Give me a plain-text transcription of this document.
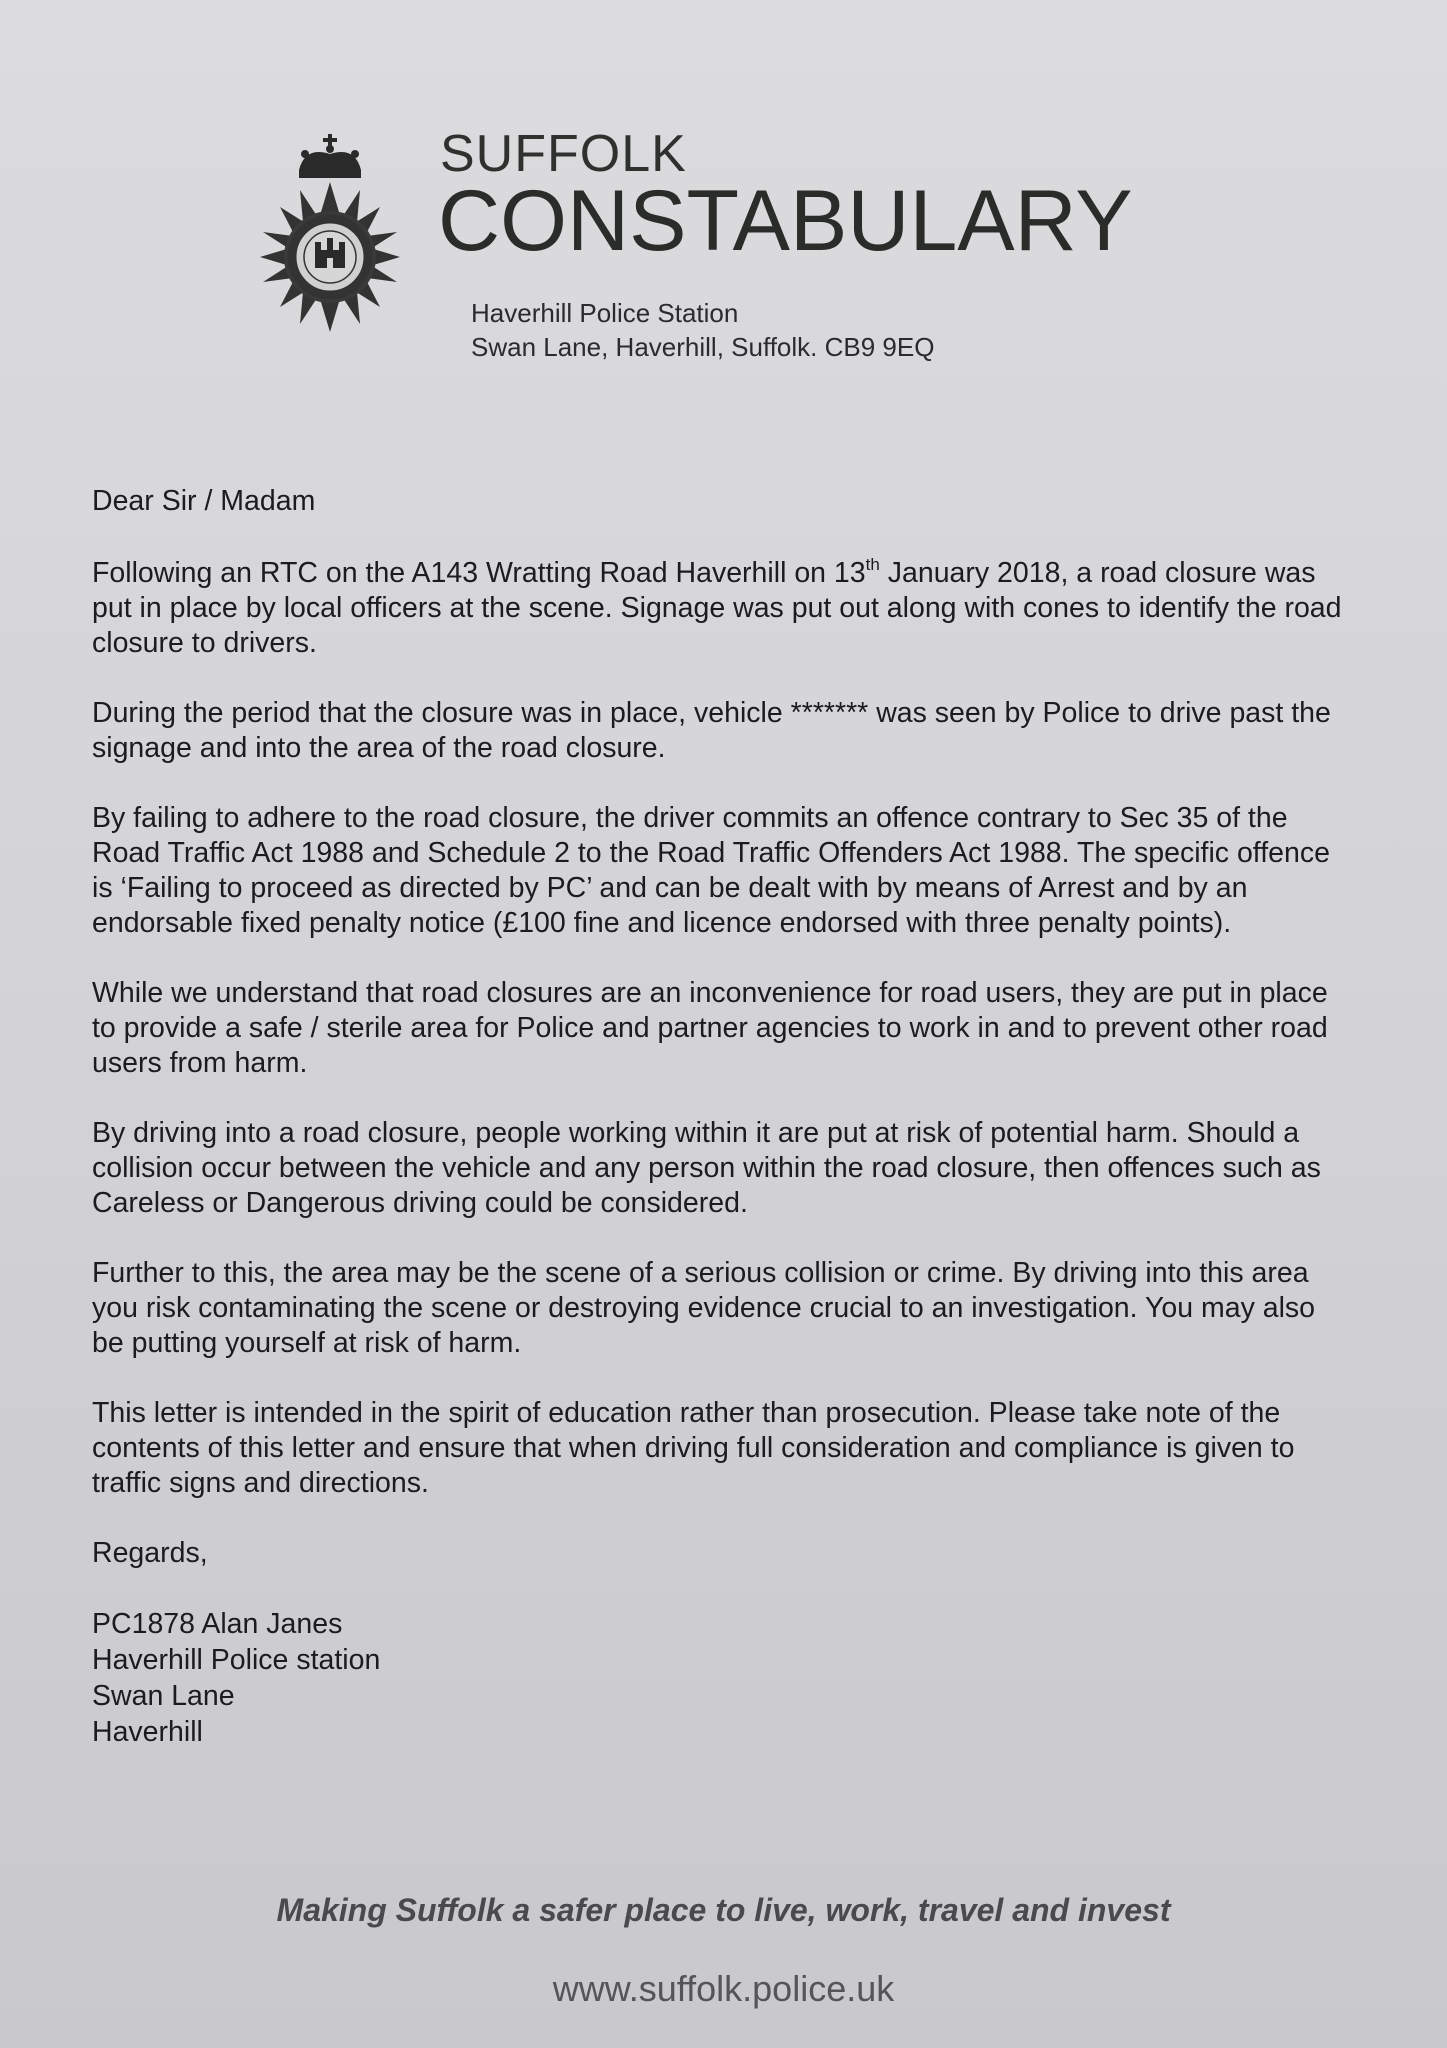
SUFFOLK
CONSTABULARY
Haverhill Police Station
Swan Lane, Haverhill, Suffolk. CB9 9EQ

Dear Sir / Madam

Following an RTC on the A143 Wratting Road Haverhill on 13th January 2018, a road closure was put in place by local officers at the scene. Signage was put out along with cones to identify the road closure to drivers.

During the period that the closure was in place, vehicle ******* was seen by Police to drive past the signage and into the area of the road closure.

By failing to adhere to the road closure, the driver commits an offence contrary to Sec 35 of the Road Traffic Act 1988 and Schedule 2 to the Road Traffic Offenders Act 1988. The specific offence is ‘Failing to proceed as directed by PC’ and can be dealt with by means of Arrest and by an endorsable fixed penalty notice (£100 fine and licence endorsed with three penalty points).

While we understand that road closures are an inconvenience for road users, they are put in place to provide a safe / sterile area for Police and partner agencies to work in and to prevent other road users from harm.

By driving into a road closure, people working within it are put at risk of potential harm. Should a collision occur between the vehicle and any person within the road closure, then offences such as Careless or Dangerous driving could be considered.

Further to this, the area may be the scene of a serious collision or crime. By driving into this area you risk contaminating the scene or destroying evidence crucial to an investigation. You may also be putting yourself at risk of harm.

This letter is intended in the spirit of education rather than prosecution. Please take note of the contents of this letter and ensure that when driving full consideration and compliance is given to traffic signs and directions.

Regards,

PC1878 Alan Janes
Haverhill Police station
Swan Lane
Haverhill
Making Suffolk a safer place to live, work, travel and invest
www.suffolk.police.uk
